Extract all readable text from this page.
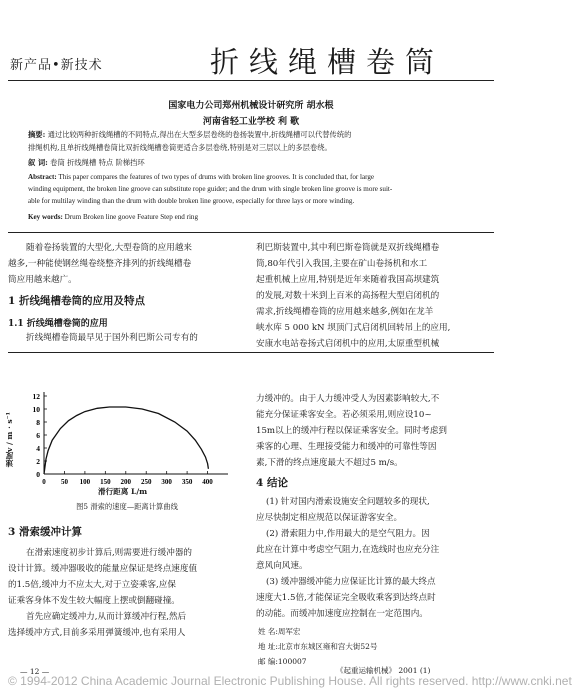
新产品•新技术	折线绳槽卷筒
国家电力公司郑州机械设计研究所 胡水根
河南省轻工业学校 利 歌
摘要: 通过比较两种折线绳槽的不同特点,得出在大型多层卷绕的卷扬装置中,折线绳槽可以代替传统的
排绳机构,且单折线绳槽卷筒比双折线绳槽卷筒更适合多层卷绕,特别是对三层以上的多层卷绕。
叙 词: 卷筒 折线绳槽 特点 阶梯挡环
Abstract: This paper compares the features of two types of drums with broken line grooves. It is concluded that, for large
winding equipment, the broken line groove can substitute rope guider; and the drum with single broken line groove is more suit-
able for multilay winding than the drum with double broken line groove, especially for three lays or more winding.
Key words: Drum Broken line goove Feature Step end ring
随着卷扬装置的大型化,大型卷筒的应用越来
越多,一种能使钢丝绳卷绕整齐排列的折线绳槽卷
筒应用越来越广。
1 折线绳槽卷筒的应用及特点
1.1 折线绳槽卷筒的应用
折线绳槽卷筒最早见于国外利巴斯公司专有的
利巴斯装置中,其中利巴斯卷筒就是双折线绳槽卷
筒,80年代引入我国,主要在矿山卷扬机和水工
起重机械上应用,特别是近年来随着我国高坝建筑
的发展,对数十米到上百米的高扬程大型启闭机的
需求,折线绳槽卷筒的应用越来越多,例如在龙羊
峡水库 5 000 kN 坝顶门式启闭机回转吊上的应用,
安康水电站卷扬式启闭机中的应用,太原重型机械
0
2
4
6
8
10
12
0 50 100 150 200 250 300 350 400
速度v / m · s⁻¹
滑行距离 L/m
图5 滑索的速度—距离计算曲线
3 滑索缓冲计算
在滑索速度初步计算后,则需要进行缓冲器的
设计计算。缓冲器吸收的能量应保证是终点速度值
的1.5倍,缓冲力不应太大,对于立姿乘客,应保
证乘客身体不发生较大幅度上摆或倒翻碰撞。
首先应确定缓冲力,从而计算缓冲行程,然后
选择缓冲方式,目前多采用弹簧缓冲,也有采用人
力缓冲的。由于人力缓冲受人为因素影响较大,不
能充分保证乘客安全。若必须采用,则应设10~
15m以上的缓冲行程以保证乘客安全。同时考虑到
乘客的心理、生理接受能力和缓冲的可靠性等因
素,下滑的终点速度最大不超过5 m/s。
4 结论
(1) 针对国内滑索设施安全问题较多的现状,
应尽快制定相应规范以保证游客安全。
(2) 滑索阻力中,作用最大的是空气阻力。因
此应在计算中考虑空气阻力,在选线时也应充分注
意风向风速。
(3) 缓冲器缓冲能力应保证比计算的最大终点
速度大1.5倍,才能保证完全吸收乘客到达终点时
的动能。而缓冲加速度应控制在一定范围内。
姓 名:周军宏
地 址:北京市东城区雍和宫大街52号
邮 编:100007
— 12 —	《起重运输机械》 2001 (1)
© 1994-2012 China Academic Journal Electronic Publishing House. All rights reserved. http://www.cnki.net
